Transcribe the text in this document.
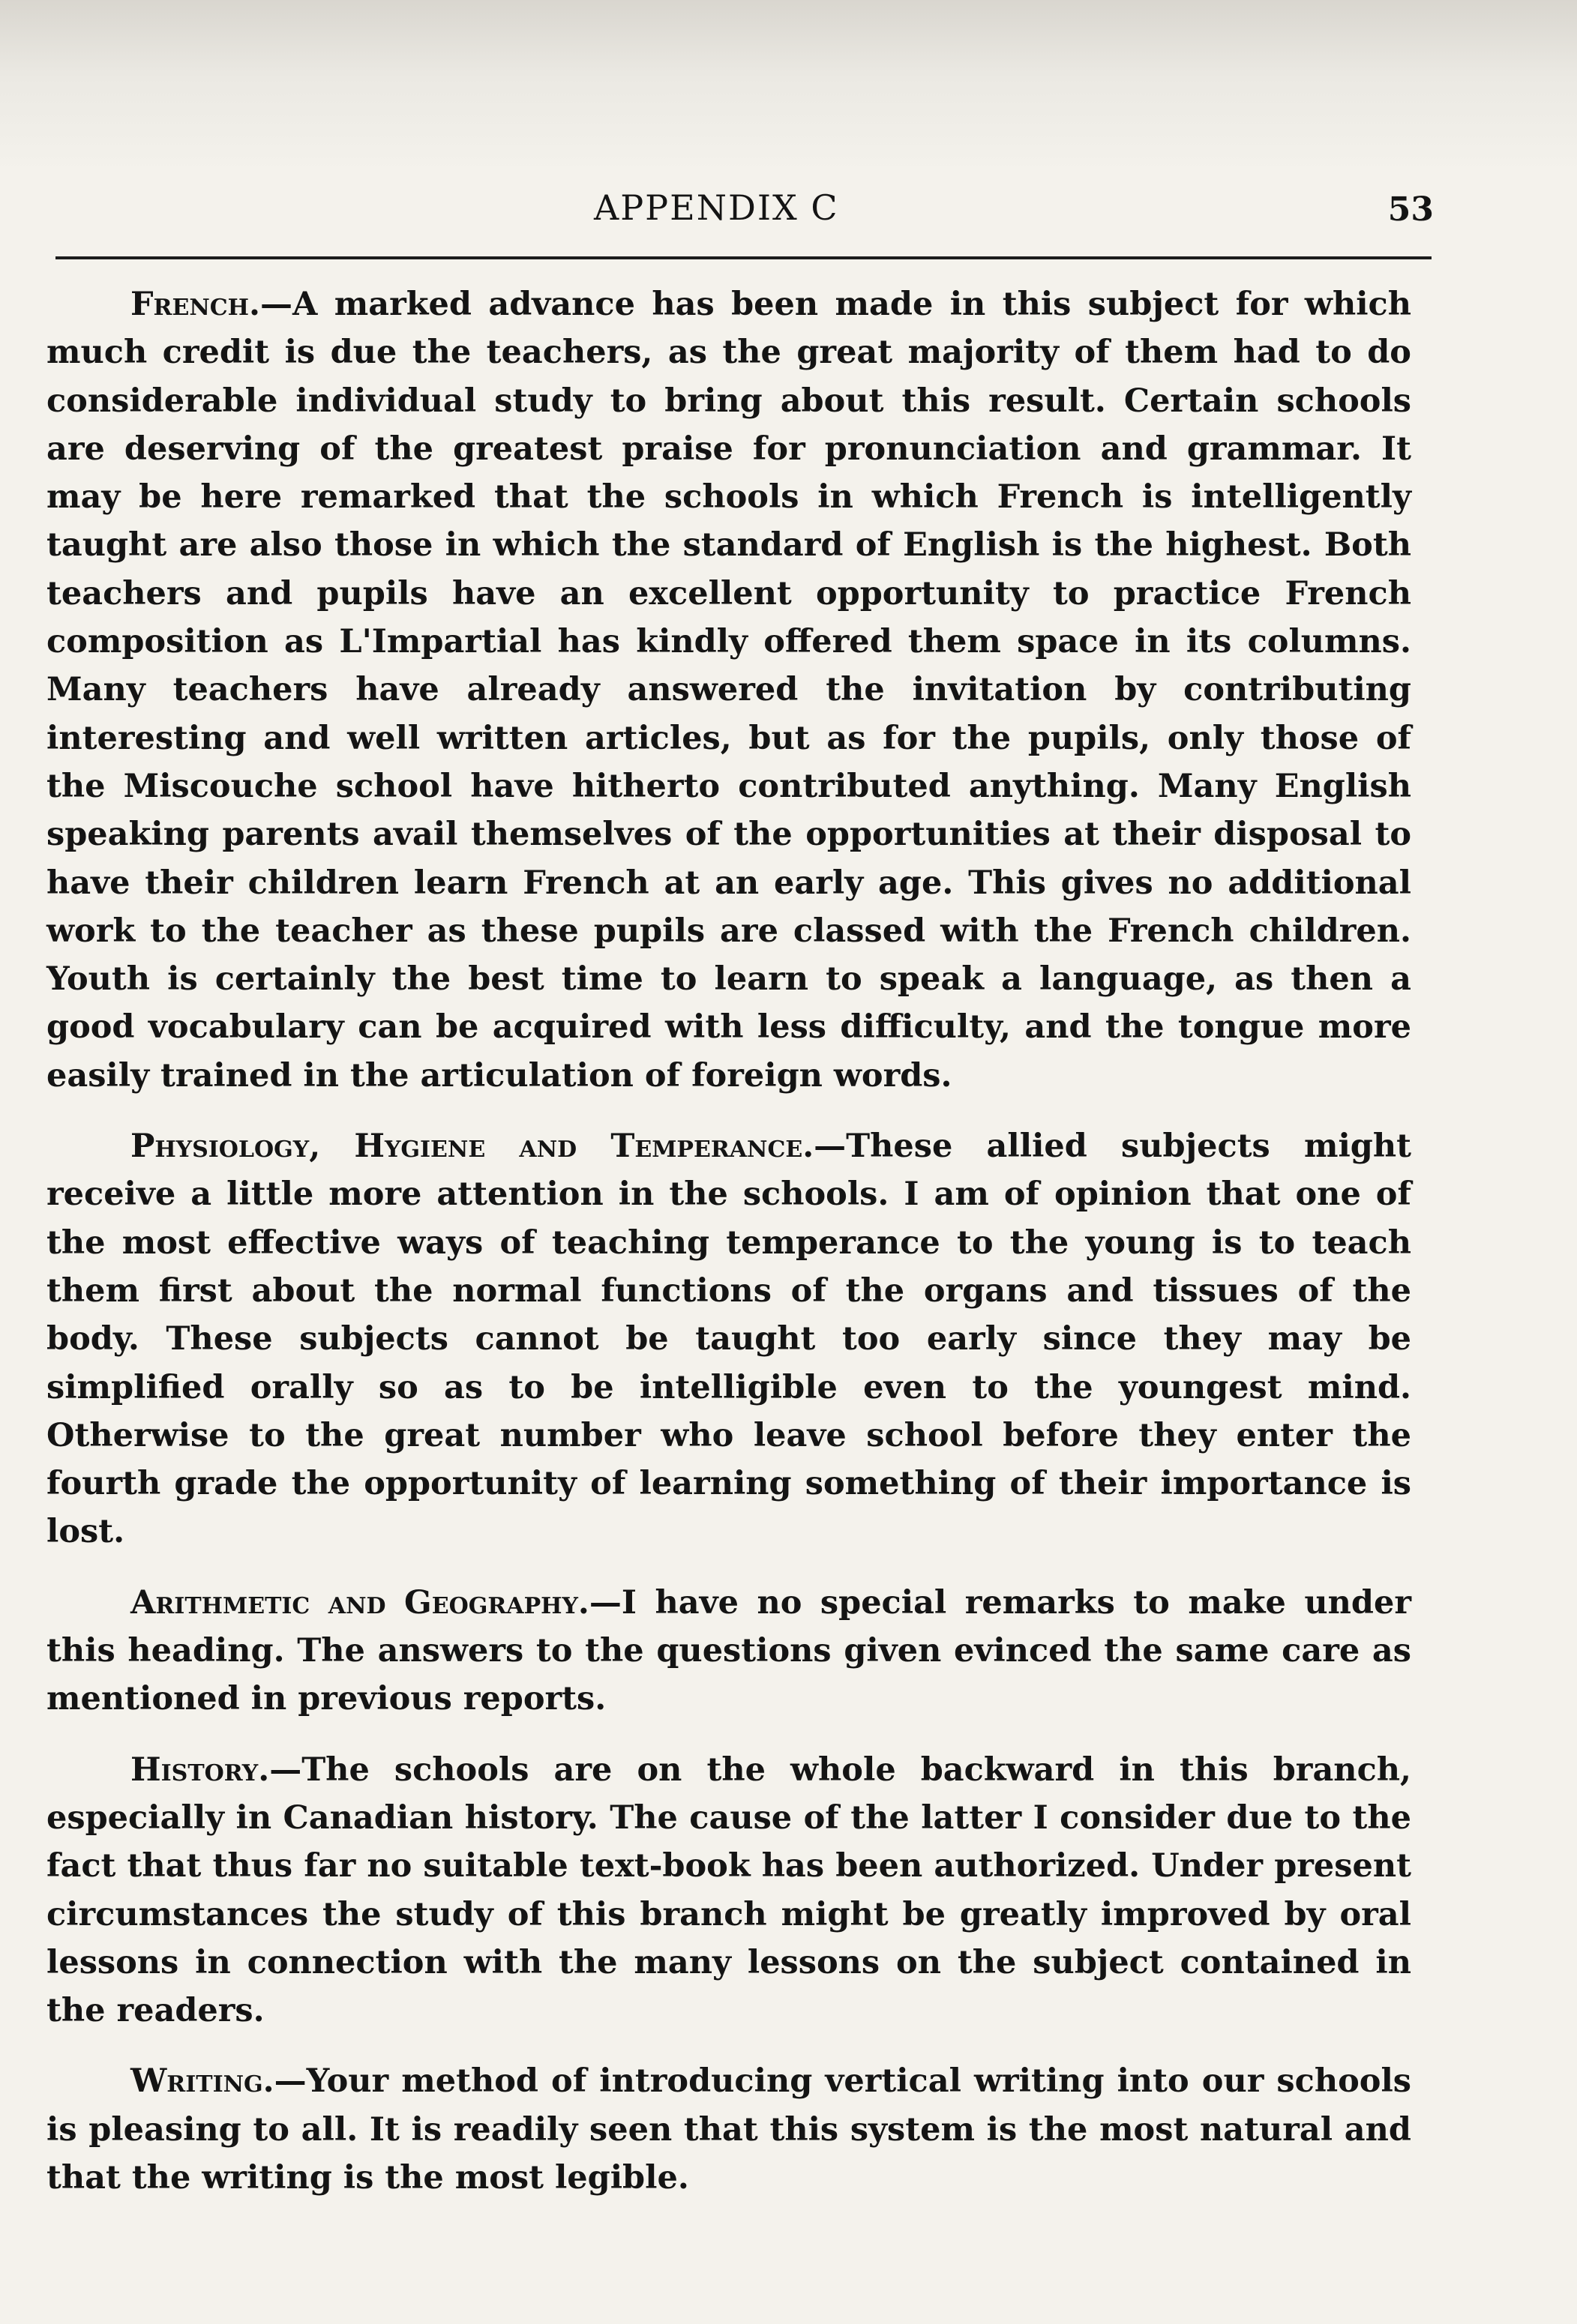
APPENDIX C	53

French.—A marked advance has been made in this subject for which much credit is due the teachers, as the great majority of them had to do considerable individual study to bring about this result. Certain schools are deserving of the greatest praise for pronunciation and grammar. It may be here remarked that the schools in which French is intelligently taught are also those in which the standard of English is the highest. Both teachers and pupils have an excellent opportunity to practice French composition as L'Impartial has kindly offered them space in its columns. Many teachers have already answered the invitation by contributing interesting and well written articles, but as for the pupils, only those of the Miscouche school have hitherto contributed anything. Many English speaking parents avail themselves of the opportunities at their disposal to have their children learn French at an early age. This gives no additional work to the teacher as these pupils are classed with the French children. Youth is certainly the best time to learn to speak a language, as then a good vocabulary can be acquired with less difficulty, and the tongue more easily trained in the articulation of foreign words.

Physiology, Hygiene and Temperance.—These allied subjects might receive a little more attention in the schools. I am of opinion that one of the most effective ways of teaching temperance to the young is to teach them first about the normal functions of the organs and tissues of the body. These subjects cannot be taught too early since they may be simplified orally so as to be intelligible even to the youngest mind. Otherwise to the great number who leave school before they enter the fourth grade the opportunity of learning something of their importance is lost.

Arithmetic and Geography.—I have no special remarks to make under this heading. The answers to the questions given evinced the same care as mentioned in previous reports.

History.—The schools are on the whole backward in this branch, especially in Canadian history. The cause of the latter I consider due to the fact that thus far no suitable text-book has been authorized. Under present circumstances the study of this branch might be greatly improved by oral lessons in connection with the many lessons on the subject contained in the readers.

Writing.—Your method of introducing vertical writing into our schools is pleasing to all. It is readily seen that this system is the most natural and that the writing is the most legible.
